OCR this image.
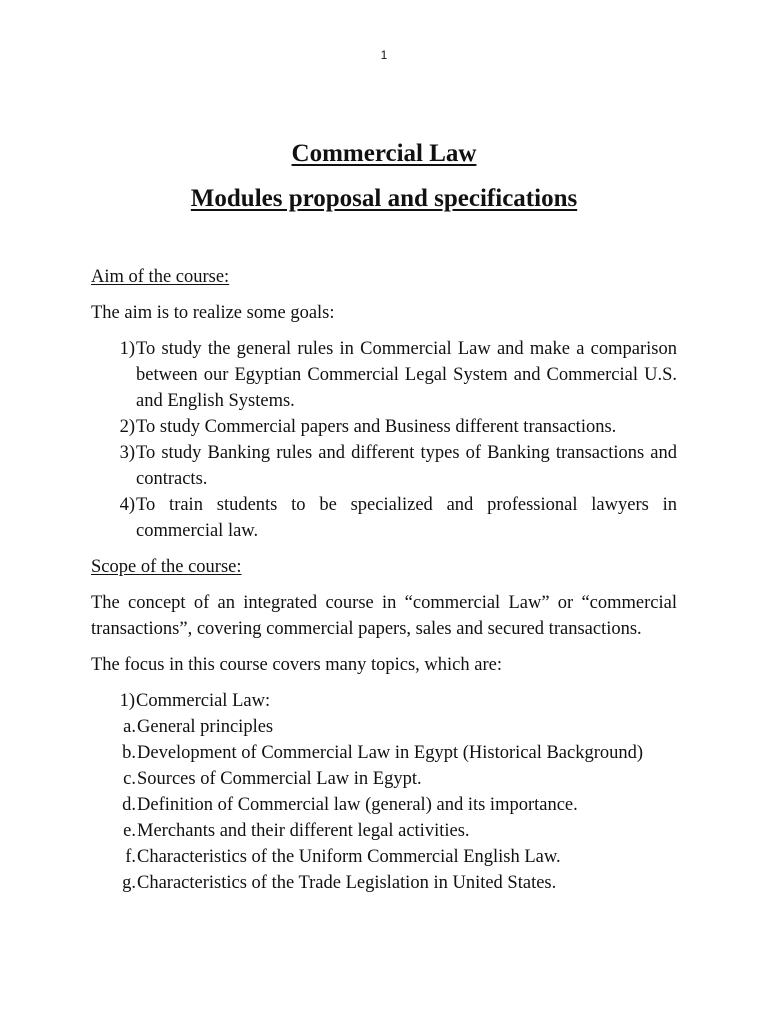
1
Commercial Law
Modules proposal and specifications

Aim of the course:

The aim is to realize some goals:

1) To study the general rules in Commercial Law and make a comparison between our Egyptian Commercial Legal System and Commercial U.S. and English Systems.
2) To study Commercial papers and Business different transactions.
3) To study Banking rules and different types of Banking transactions and contracts.
4) To train students to be specialized and professional lawyers in commercial law.

Scope of the course:

The concept of an integrated course in “commercial Law” or “commercial transactions”, covering commercial papers, sales and secured transactions.

The focus in this course covers many topics, which are:

1) Commercial Law:
a. General principles
b. Development of Commercial Law in Egypt (Historical Background)
c. Sources of Commercial Law in Egypt.
d. Definition of Commercial law (general) and its importance.
e. Merchants and their different legal activities.
f. Characteristics of the Uniform Commercial English Law.
g. Characteristics of the Trade Legislation in United States.
